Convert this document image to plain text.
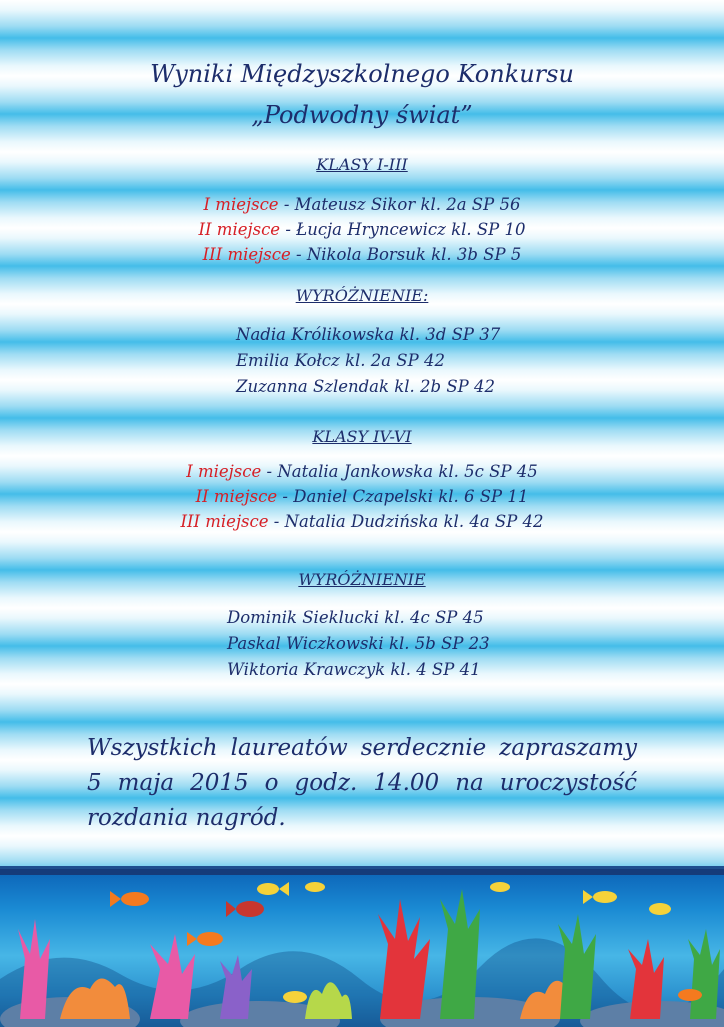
Wyniki Międzyszkolnego Konkursu
„Podwodny świat”
KLASY I-III
I miejsce - Mateusz Sikor kl. 2a SP 56
II miejsce - Łucja Hryncewicz kl. SP 10
III miejsce - Nikola Borsuk kl. 3b SP 5
WYRÓŻNIENIE:
Nadia Królikowska kl. 3d SP 37
Emilia Kołcz kl. 2a SP 42
Zuzanna Szlendak kl. 2b SP 42
KLASY IV-VI
I miejsce - Natalia Jankowska kl. 5c SP 45
II miejsce - Daniel Czapelski kl. 6 SP 11
III miejsce - Natalia Dudzińska kl. 4a SP 42
WYRÓŻNIENIE
Dominik Sieklucki kl. 4c SP 45
Paskal Wiczkowski kl. 5b SP 23
Wiktoria Krawczyk kl. 4 SP 41
Wszystkich laureatów serdecznie zapraszamy 5 maja 2015 o godz. 14.00 na uroczystość rozdania nagród.
